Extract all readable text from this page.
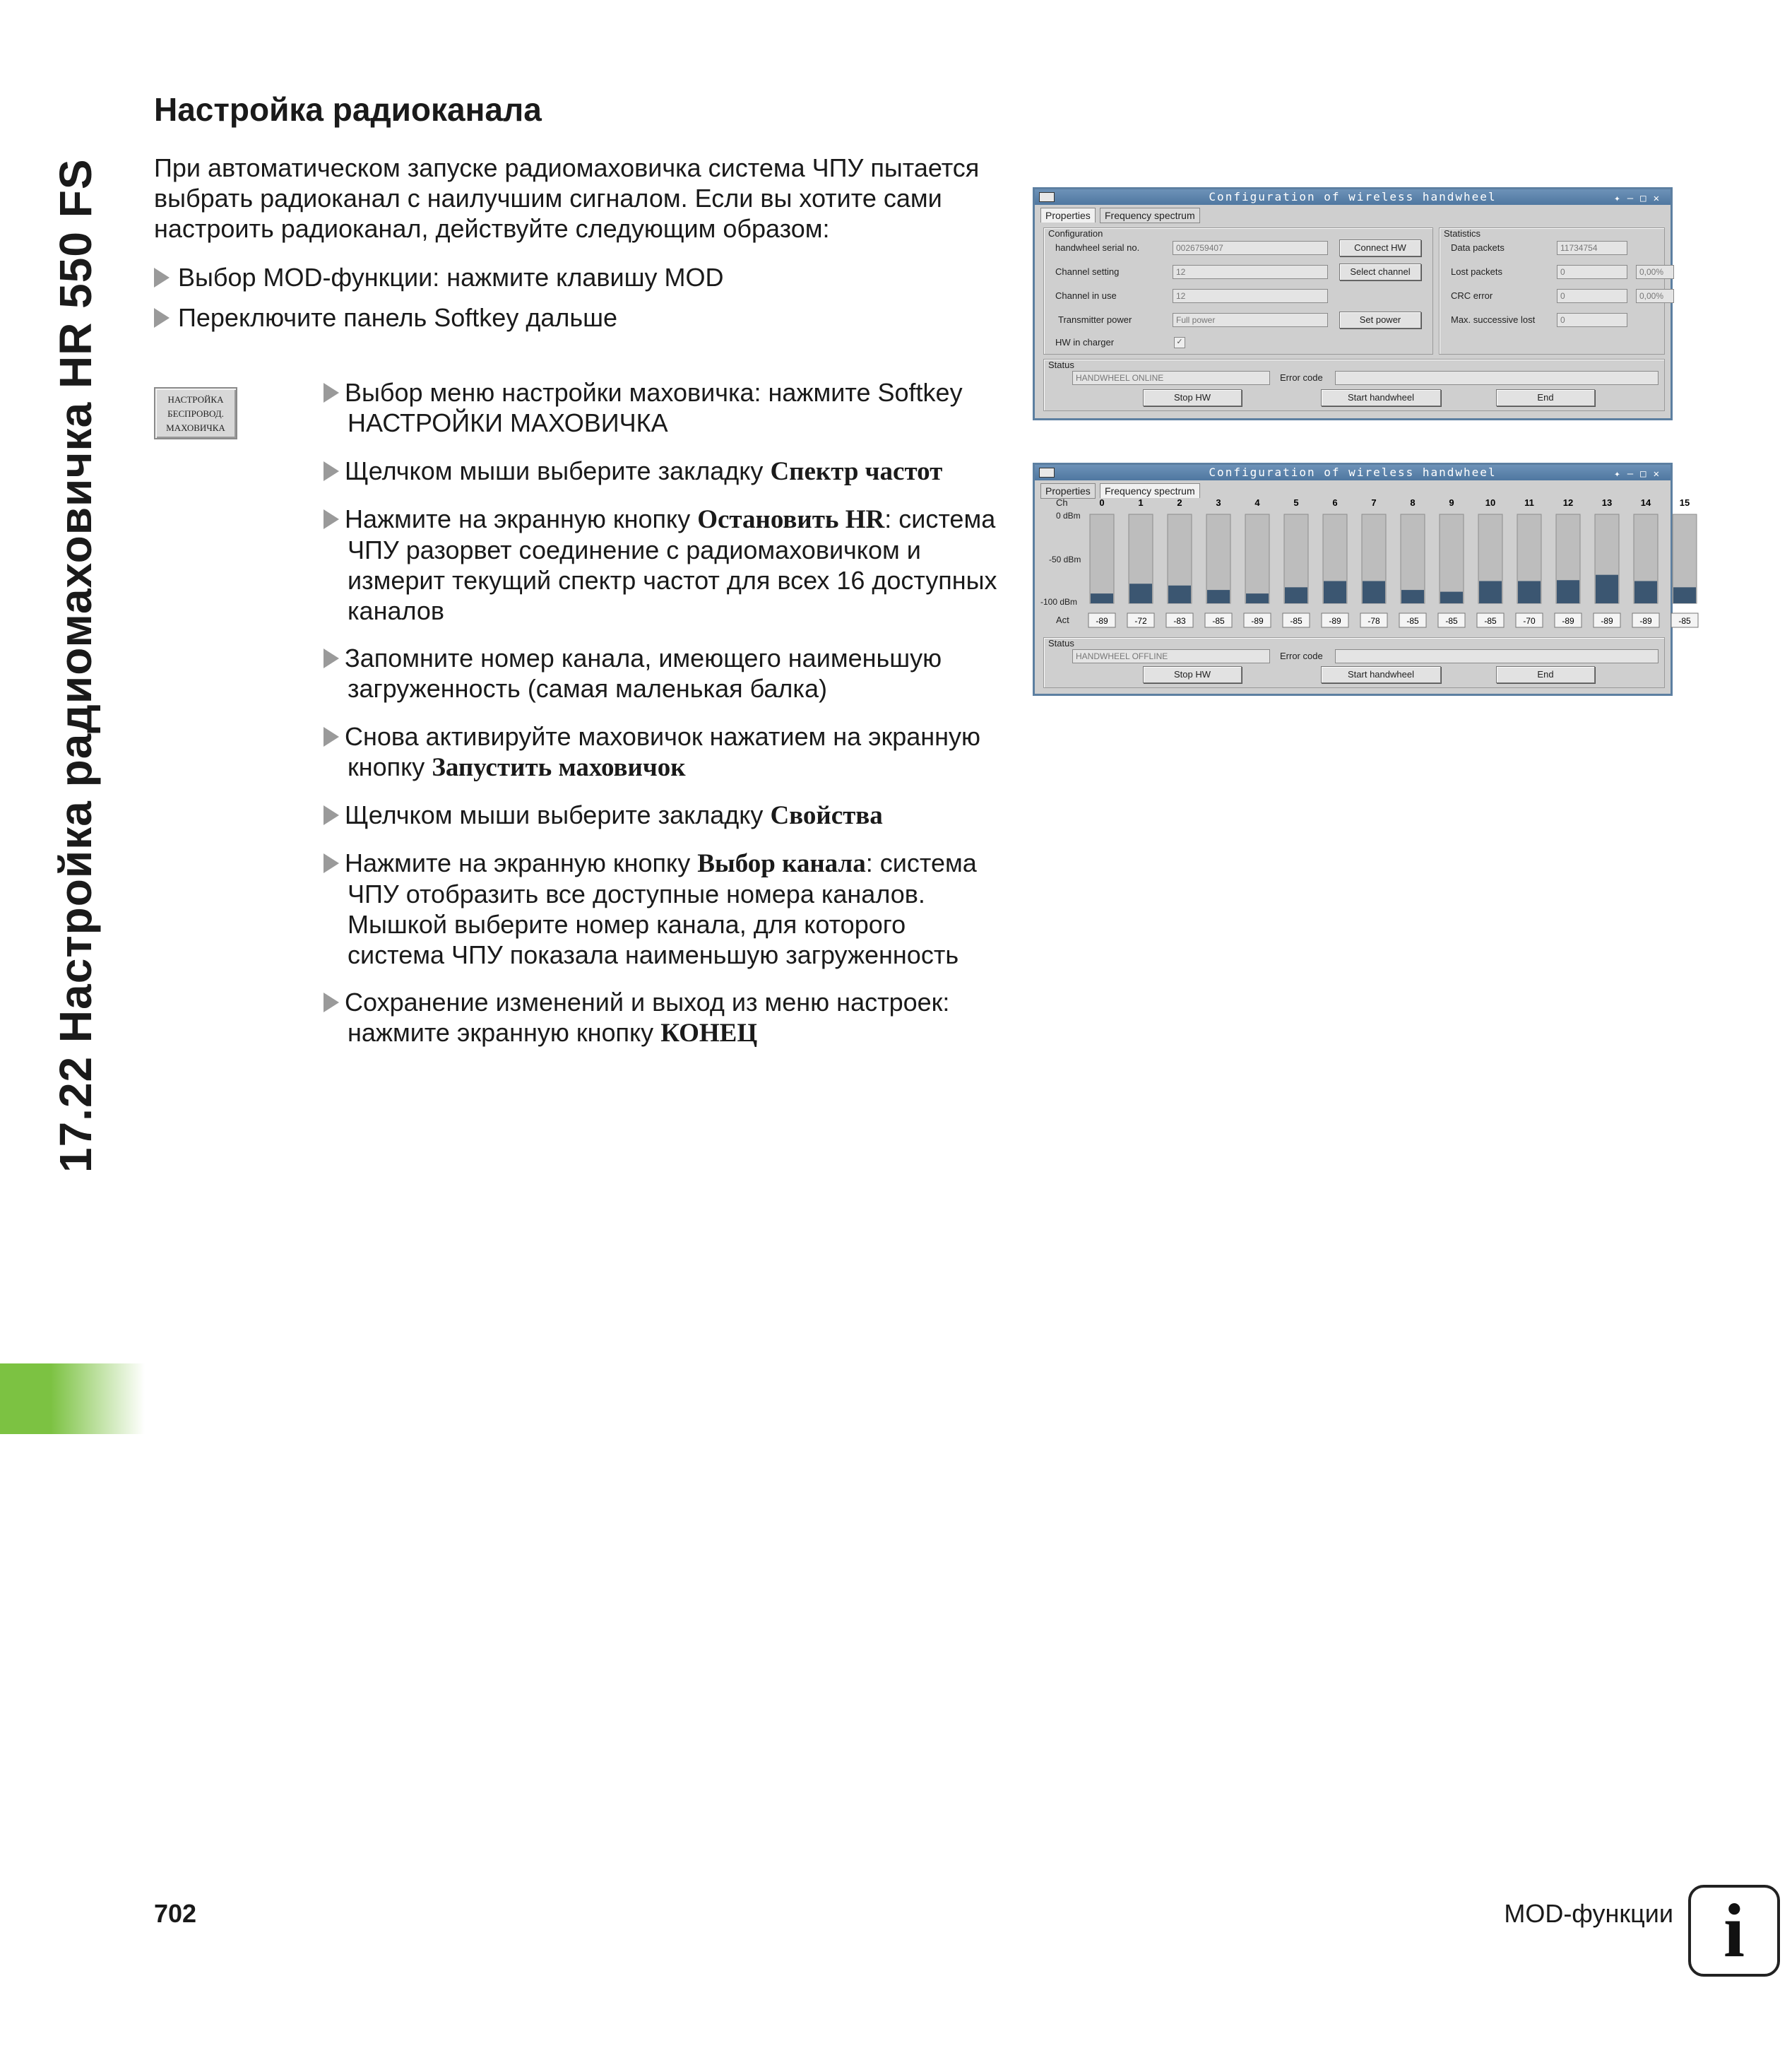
17.22 Настройка радиомаховичка HR 550 FS
Настройка радиоканала
При автоматическом запуске радиомаховичка система ЧПУ пытается выбрать радиоканал с наилучшим сигналом. Если вы хотите сами настроить радиоканал, действуйте следующим образом:
Выбор MOD-функции: нажмите клавишу MOD
Переключите панель Softkey дальше
НАСТРОЙКА
БЕСПРОВОД.
МАХОВИЧКА
Выбор меню настройки маховичка: нажмите Softkey НАСТРОЙКИ МАХОВИЧКА
Щелчком мыши выберите закладку Спектр частот
Нажмите на экранную кнопку Остановить HR: система ЧПУ разорвет соединение с радиомаховичком и измерит текущий спектр частот для всех 16 доступных каналов
Запомните номер канала, имеющего наименьшую загруженность (самая маленькая балка)
Снова активируйте маховичок нажатием на экранную кнопку Запустить маховичок
Щелчком мыши выберите закладку Свойства
Нажмите на экранную кнопку Выбор канала: система ЧПУ отобразить все доступные номера каналов. Мышкой выберите номер канала, для которого система ЧПУ показала наименьшую загруженность
Сохранение изменений и выход из меню настроек: нажмите экранную кнопку КОНЕЦ
Configuration of wireless handwheel	✦‒□✕
Properties	Frequency spectrum
Configuration
handwheel serial no.	0026759407	Connect HW
Channel setting	12	Select channel
Channel in use	12
Transmitter power	Full power	Set power
HW in charger	✓
Statistics
Data packets	11734754
Lost packets	0	0,00%
CRC error	0	0,00%
Max. successive lost	0
Status
HANDWHEEL ONLINE	Error code
Stop HW	Start handwheel	End
Configuration of wireless handwheel	✦‒□✕
Properties	Frequency spectrum
Ch
0 dBm
-50 dBm
-100 dBm
Act
0
-89
1
-72
2
-83
3
-85
4
-89
5
-85
6
-89
7
-78
8
-85
9
-85
10
-85
11
-70
12
-89
13
-89
14
-89
15
-85
Status
HANDWHEEL OFFLINE	Error code
Stop HW	Start handwheel	End
702	MOD-функции i
